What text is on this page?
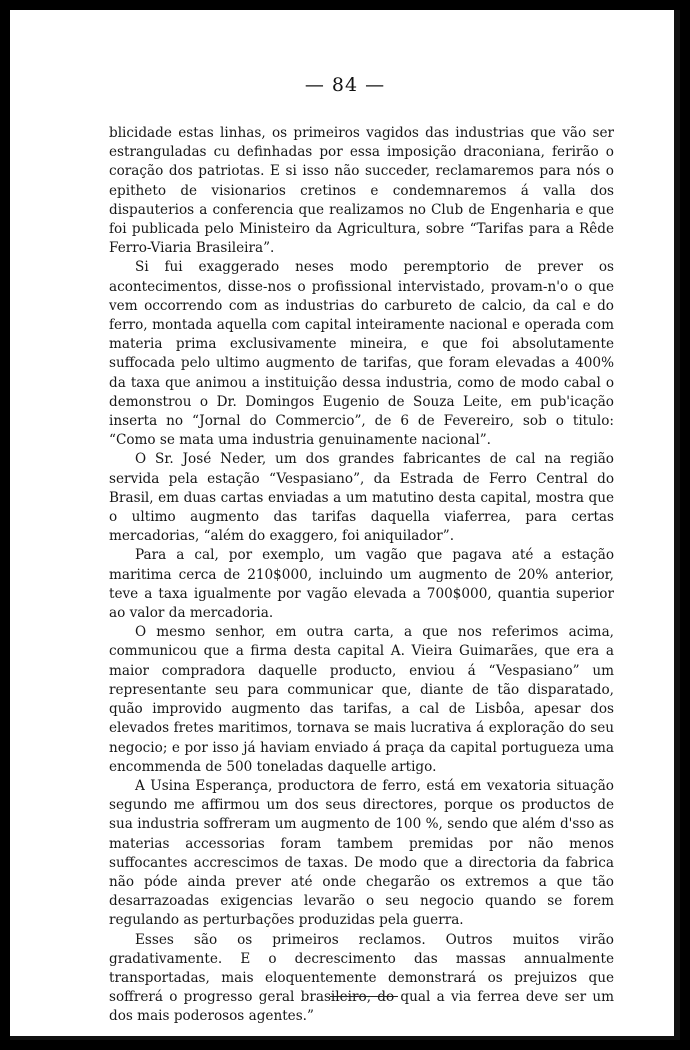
— 84 —

blicidade estas linhas, os primeiros vagidos das industrias que vão ser estranguladas cu definhadas por essa imposição draconiana, ferirão o coração dos patriotas. E si isso não succeder, reclamaremos para nós o epitheto de visionarios cretinos e condemnaremos á valla dos dispauterios a conferencia que realizamos no Club de Engenharia e que foi publicada pelo Ministeiro da Agricultura, sobre “Tarifas para a Rêde Ferro-Viaria Brasileira”.

Si fui exaggerado neses modo peremptorio de prever os acontecimentos, disse-nos o profissional intervistado, provam-n'o o que vem occorrendo com as industrias do carbureto de calcio, da cal e do ferro, montada aquella com capital inteiramente nacional e operada com materia prima exclusivamente mineira, e que foi absolutamente suffocada pelo ultimo augmento de tarifas, que foram elevadas a 400% da taxa que animou a instituição dessa industria, como de modo cabal o demonstrou o Dr. Domingos Eugenio de Souza Leite, em pub'icação inserta no “Jornal do Commercio”, de 6 de Fevereiro, sob o titulo: “Como se mata uma industria genuinamente nacional”.

O Sr. José Neder, um dos grandes fabricantes de cal na região servida pela estação “Vespasiano”, da Estrada de Ferro Central do Brasil, em duas cartas enviadas a um matutino desta capital, mostra que o ultimo augmento das tarifas daquella viaferrea, para certas mercadorias, “além do exaggero, foi aniquilador”.

Para a cal, por exemplo, um vagão que pagava até a estação maritima cerca de 210$000, incluindo um augmento de 20% anterior, teve a taxa igualmente por vagão elevada a 700$000, quantia superior ao valor da mercadoria.

O mesmo senhor, em outra carta, a que nos referimos acima, communicou que a firma desta capital A. Vieira Guimarães, que era a maior compradora daquelle producto, enviou á “Vespasiano” um representante seu para communicar que, diante de tão disparatado, quão improvido augmento das tarifas, a cal de Lisbôa, apesar dos elevados fretes maritimos, tornava se mais lucrativa á exploração do seu negocio; e por isso já haviam enviado á praça da capital portugueza uma encommenda de 500 toneladas daquelle artigo.

A Usina Esperança, productora de ferro, está em vexatoria situação segundo me affirmou um dos seus directores, porque os productos de sua industria soffreram um augmento de 100 %, sendo que além d'sso as materias accessorias foram tambem premidas por não menos suffocantes accrescimos de taxas. De modo que a directoria da fabrica não póde ainda prever até onde chegarão os extremos a que tão desarrazoadas exigencias levarão o seu negocio quando se forem regulando as perturbações produzidas pela guerra.

Esses são os primeiros reclamos. Outros muitos virão gradativamente. E o decrescimento das massas annualmente transportadas, mais eloquentemente demonstrará os prejuizos que soffrerá o progresso geral brasileiro, do qual a via ferrea deve ser um dos mais poderosos agentes.”
